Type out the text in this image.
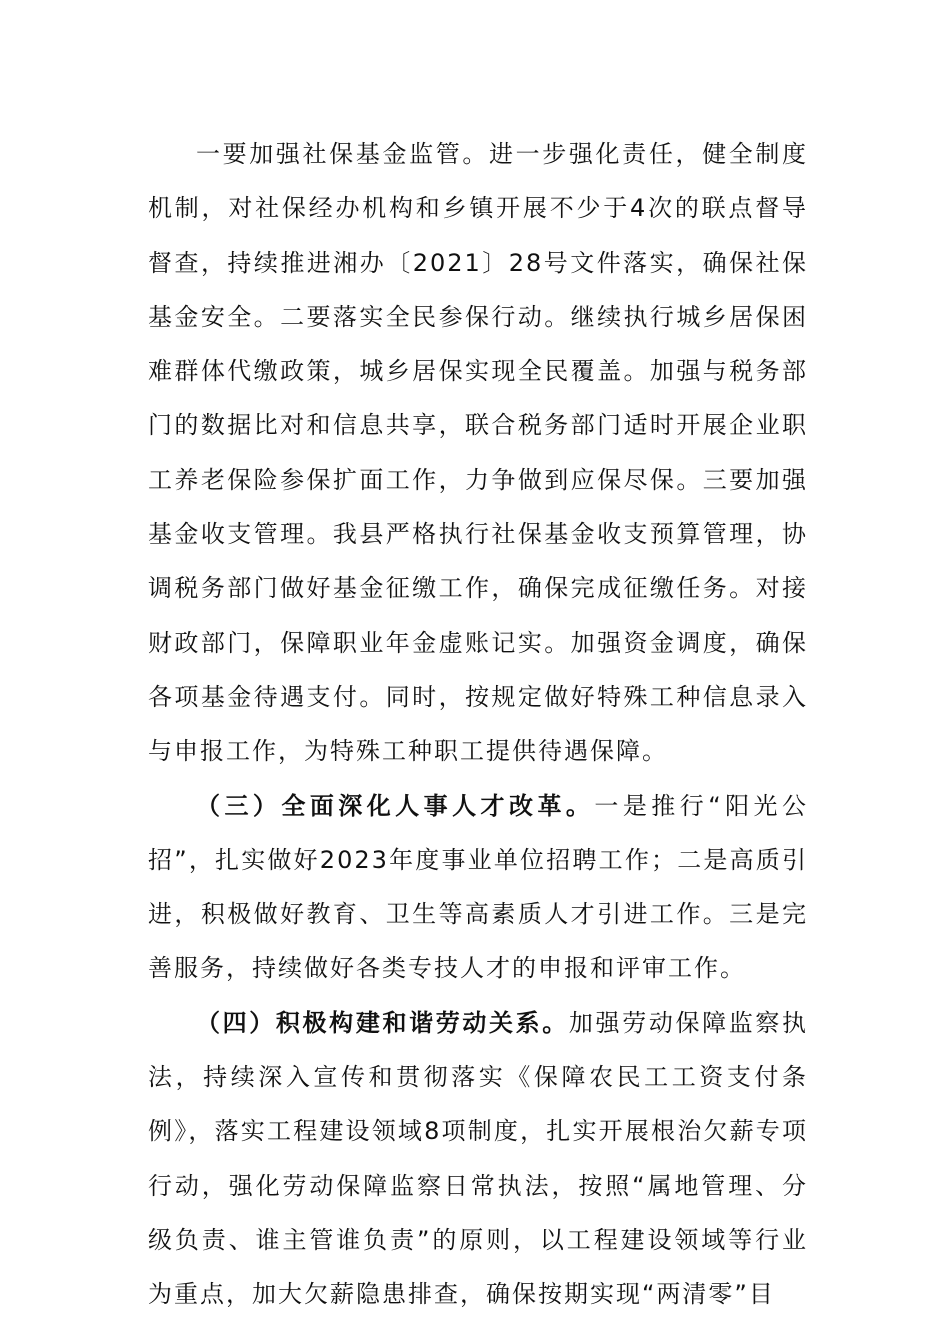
一要加强社保基金监管。进一步强化责任，健全制度机制，对社保经办机构和乡镇开展不少于4次的联点督导督查，持续推进湘办〔2021〕28号文件落实，确保社保基金安全。二要落实全民参保行动。继续执行城乡居保困难群体代缴政策，城乡居保实现全民覆盖。加强与税务部门的数据比对和信息共享，联合税务部门适时开展企业职工养老保险参保扩面工作，力争做到应保尽保。三要加强基金收支管理。我县严格执行社保基金收支预算管理，协调税务部门做好基金征缴工作，确保完成征缴任务。对接财政部门，保障职业年金虚账记实。加强资金调度，确保各项基金待遇支付。同时，按规定做好特殊工种信息录入与申报工作，为特殊工种职工提供待遇保障。

（三）全面深化人事人才改革。一是推行“阳光公招”，扎实做好2023年度事业单位招聘工作；二是高质引进，积极做好教育、卫生等高素质人才引进工作。三是完善服务，持续做好各类专技人才的申报和评审工作。

（四）积极构建和谐劳动关系。加强劳动保障监察执法，持续深入宣传和贯彻落实《保障农民工工资支付条例》，落实工程建设领域8项制度，扎实开展根治欠薪专项行动，强化劳动保障监察日常执法，按照“属地管理、分级负责、谁主管谁负责”的原则，以工程建设领域等行业为重点，加大欠薪隐患排查，确保按期实现“两清零”目
